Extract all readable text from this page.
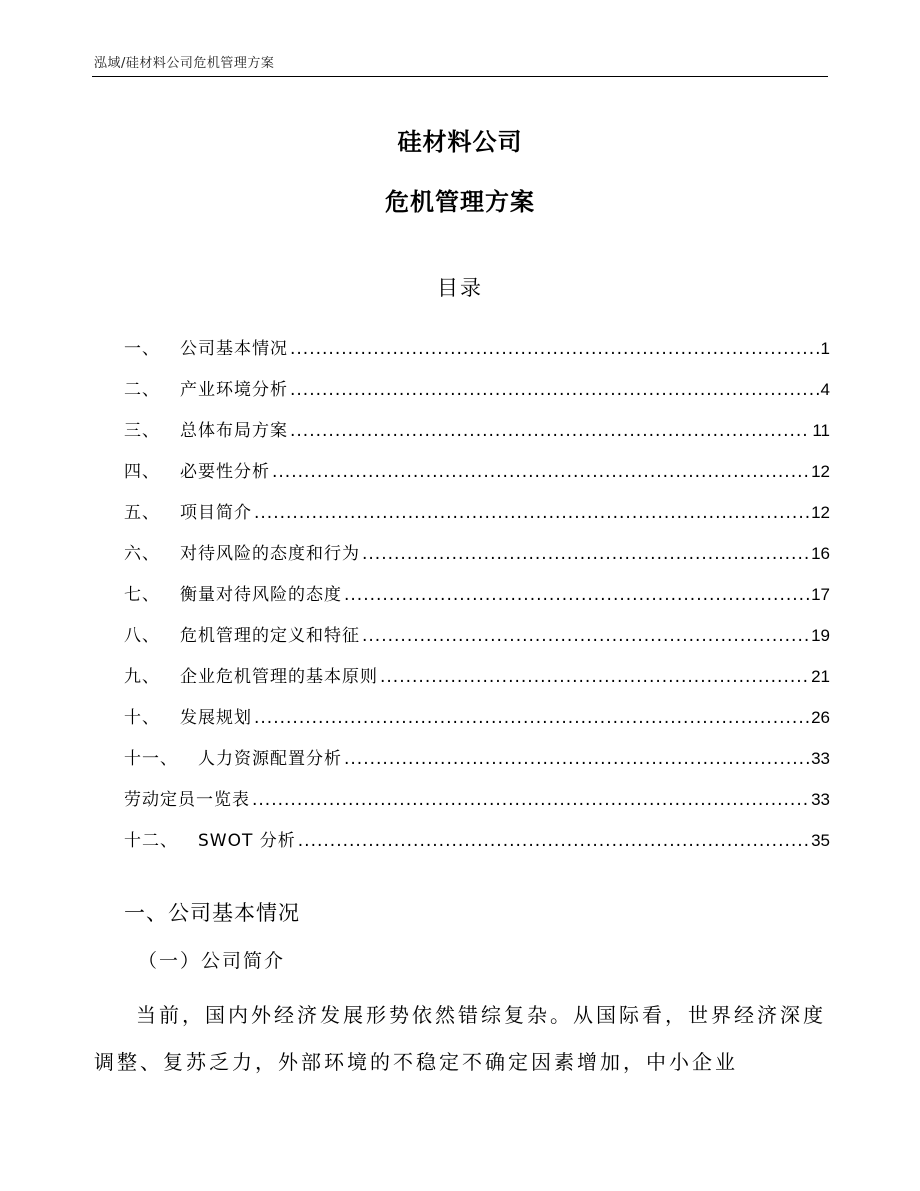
泓域/硅材料公司危机管理方案
硅材料公司
危机管理方案
目录
一、 公司基本情况 .....	1
二、 产业环境分析 .....	4
三、 总体布局方案 .....	11
四、 必要性分析 .....	12
五、 项目简介 .....	12
六、 对待风险的态度和行为 .....	16
七、 衡量对待风险的态度 .....	17
八、 危机管理的定义和特征 .....	19
九、 企业危机管理的基本原则 .....	21
十、 发展规划 .....	26
十一、 人力资源配置分析 .....	33
劳动定员一览表 .....	33
十二、 SWOT 分析 .....	35
一、公司基本情况
（一）公司简介

当前，国内外经济发展形势依然错综复杂。从国际看，世界经济深度调整、复苏乏力，外部环境的不稳定不确定因素增加，中小企业
